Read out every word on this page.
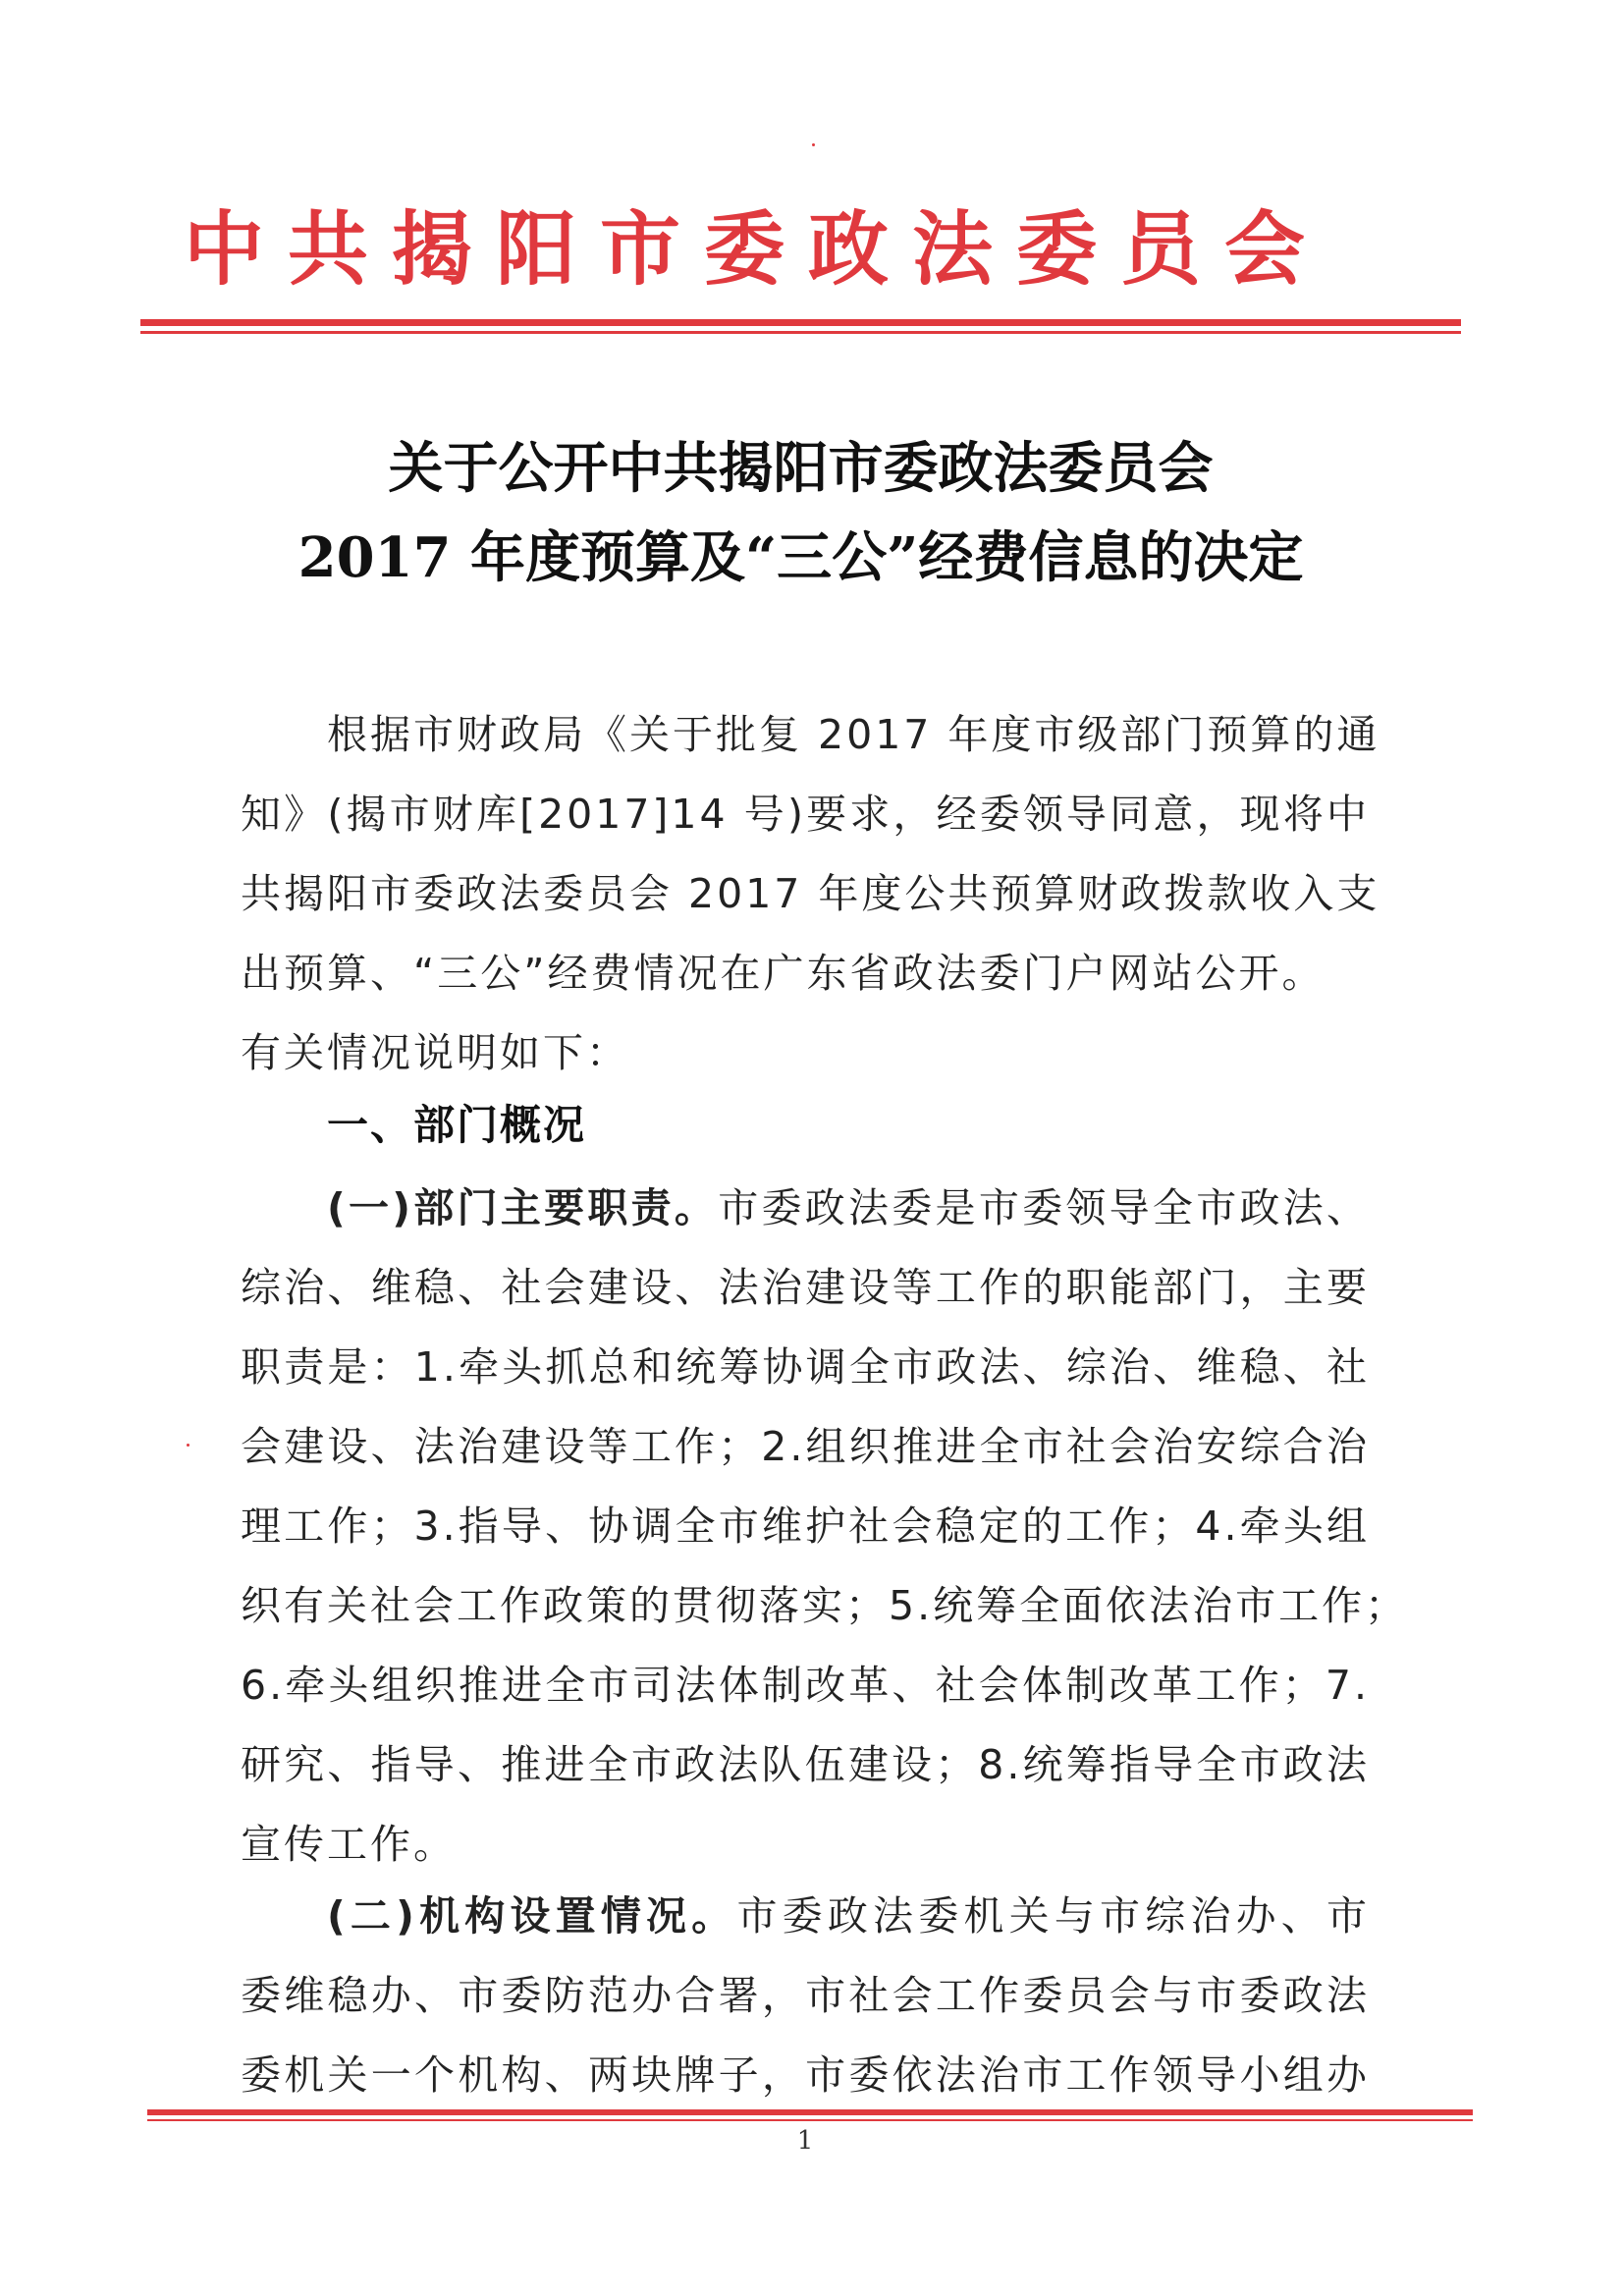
中共揭阳市委政法委员会
关于公开中共揭阳市委政法委员会
2017 年度预算及“三公”经费信息的决定
根据市财政局《关于批复 2017 年度市级部门预算的通
知》(揭市财库[2017]14 号)要求，经委领导同意，现将中
共揭阳市委政法委员会 2017 年度公共预算财政拨款收入支
出预算、“三公”经费情况在广东省政法委门户网站公开。
有关情况说明如下：
一、部门概况
(一)部门主要职责。市委政法委是市委领导全市政法、
综治、维稳、社会建设、法治建设等工作的职能部门，主要
职责是：1.牵头抓总和统筹协调全市政法、综治、维稳、社
会建设、法治建设等工作；2.组织推进全市社会治安综合治
理工作；3.指导、协调全市维护社会稳定的工作；4.牵头组
织有关社会工作政策的贯彻落实；5.统筹全面依法治市工作；
6.牵头组织推进全市司法体制改革、社会体制改革工作；7.
研究、指导、推进全市政法队伍建设；8.统筹指导全市政法
宣传工作。
(二)机构设置情况。市委政法委机关与市综治办、市
委维稳办、市委防范办合署，市社会工作委员会与市委政法
委机关一个机构、两块牌子，市委依法治市工作领导小组办
1
